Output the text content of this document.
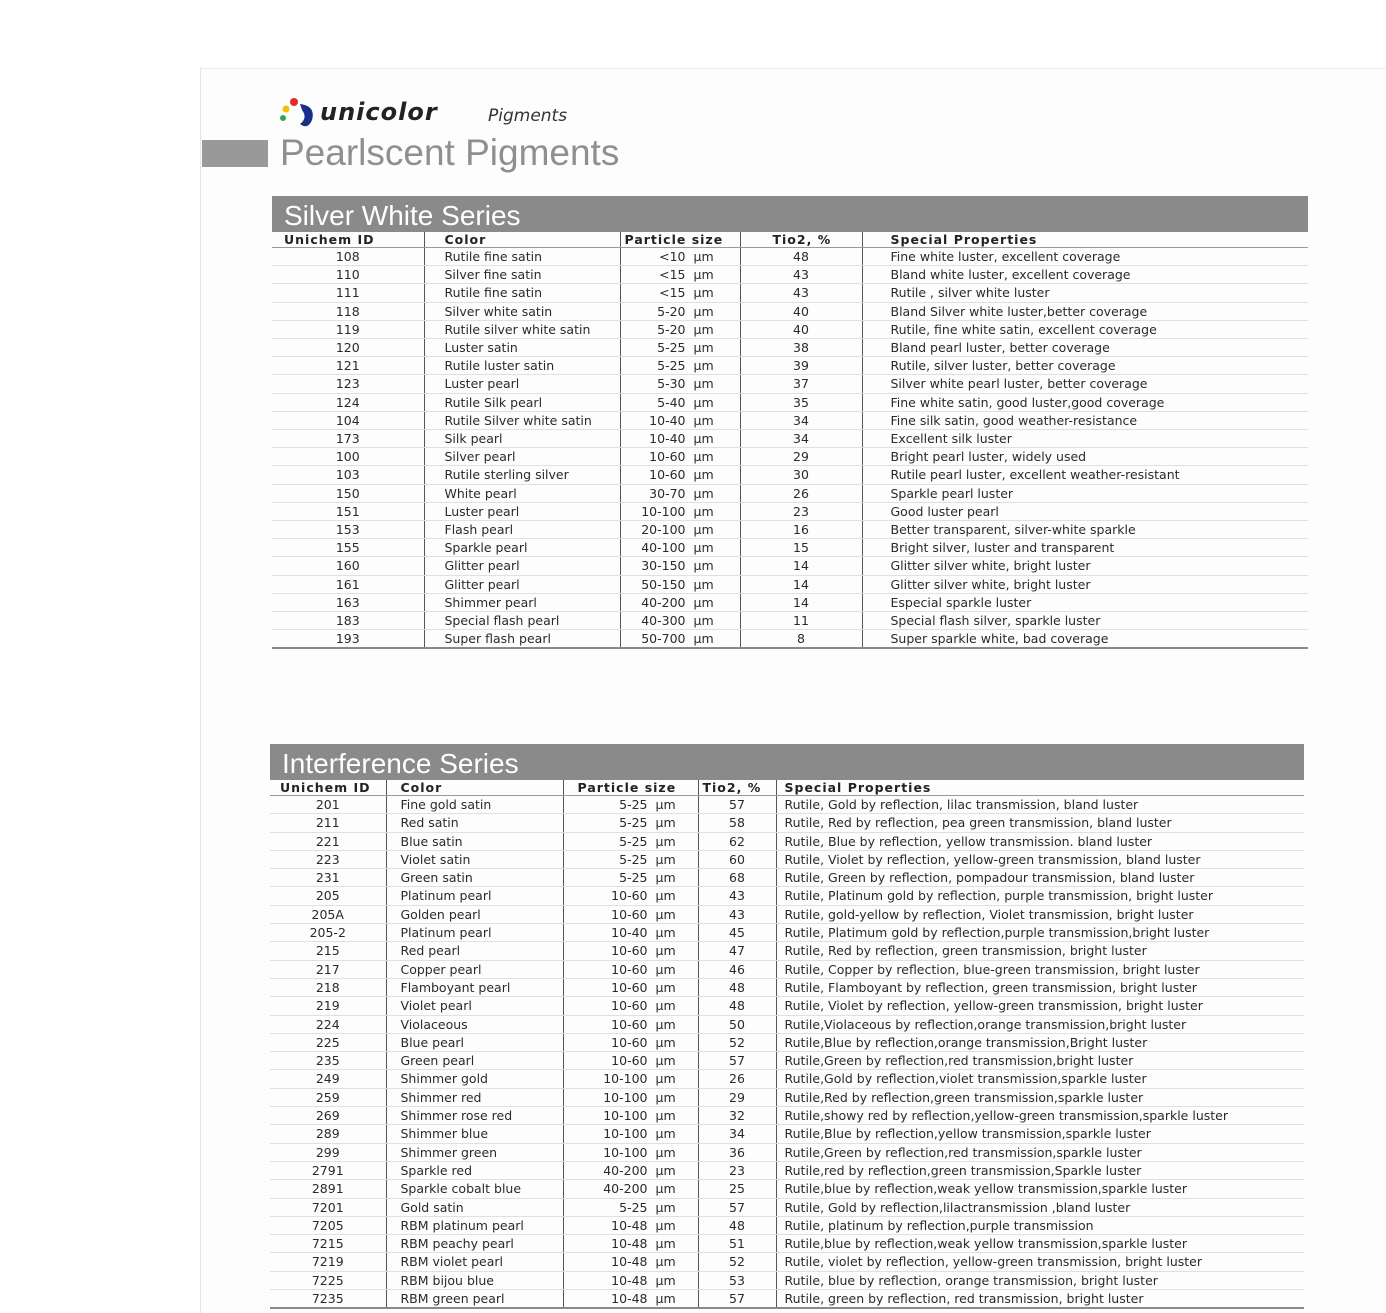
unicolor	Pigments
Pearlscent Pigments
Silver White Series
Unichem ID	Color	Particle size	Tio2, %	Special Properties
108	Rutile fine satin	<10 μm	48	Fine white luster, excellent coverage
110	Silver fine satin	<15 μm	43	Bland white luster, excellent coverage
111	Rutile fine satin	<15 μm	43	Rutile , silver white luster
118	Silver white satin	5-20 μm	40	Bland Silver white luster,better coverage
119	Rutile silver white satin	5-20 μm	40	Rutile, fine white satin, excellent coverage
120	Luster satin	5-25 μm	38	Bland pearl luster, better coverage
121	Rutile luster satin	5-25 μm	39	Rutile, silver luster, better coverage
123	Luster pearl	5-30 μm	37	Silver white pearl luster, better coverage
124	Rutile Silk pearl	5-40 μm	35	Fine white satin, good luster,good coverage
104	Rutile Silver white satin	10-40 μm	34	Fine silk satin, good weather-resistance
173	Silk pearl	10-40 μm	34	Excellent silk luster
100	Silver pearl	10-60 μm	29	Bright pearl luster, widely used
103	Rutile sterling silver	10-60 μm	30	Rutile pearl luster, excellent weather-resistant
150	White pearl	30-70 μm	26	Sparkle pearl luster
151	Luster pearl	10-100 μm	23	Good luster pearl
153	Flash pearl	20-100 μm	16	Better transparent, silver-white sparkle
155	Sparkle pearl	40-100 μm	15	Bright silver, luster and transparent
160	Glitter pearl	30-150 μm	14	Glitter silver white, bright luster
161	Glitter pearl	50-150 μm	14	Glitter silver white, bright luster
163	Shimmer pearl	40-200 μm	14	Especial sparkle luster
183	Special flash pearl	40-300 μm	11	Special flash silver, sparkle luster
193	Super flash pearl	50-700 μm	8	Super sparkle white, bad coverage
Interference Series
Unichem ID	Color	Particle size	Tio2, %	Special Properties
201	Fine gold satin	5-25 μm	57	Rutile, Gold by reflection, lilac transmission, bland luster
211	Red satin	5-25 μm	58	Rutile, Red by reflection, pea green transmission, bland luster
221	Blue satin	5-25 μm	62	Rutile, Blue by reflection, yellow transmission. bland luster
223	Violet satin	5-25 μm	60	Rutile, Violet by reflection, yellow-green transmission, bland luster
231	Green satin	5-25 μm	68	Rutile, Green by reflection, pompadour transmission, bland luster
205	Platinum pearl	10-60 μm	43	Rutile, Platinum gold by reflection, purple transmission, bright luster
205A	Golden pearl	10-60 μm	43	Rutile, gold-yellow by reflection, Violet transmission, bright luster
205-2	Platinum pearl	10-40 μm	45	Rutile, Platimum gold by reflection,purple transmission,bright luster
215	Red pearl	10-60 μm	47	Rutile, Red by reflection, green transmission, bright luster
217	Copper pearl	10-60 μm	46	Rutile, Copper by reflection, blue-green transmission, bright luster
218	Flamboyant pearl	10-60 μm	48	Rutile, Flamboyant by reflection, green transmission, bright luster
219	Violet pearl	10-60 μm	48	Rutile, Violet by reflection, yellow-green transmission, bright luster
224	Violaceous	10-60 μm	50	Rutile,Violaceous by reflection,orange transmission,bright luster
225	Blue pearl	10-60 μm	52	Rutile,Blue by reflection,orange transmission,Bright luster
235	Green pearl	10-60 μm	57	Rutile,Green by reflection,red transmission,bright luster
249	Shimmer gold	10-100 μm	26	Rutile,Gold by reflection,violet transmission,sparkle luster
259	Shimmer red	10-100 μm	29	Rutile,Red by reflection,green transmission,sparkle luster
269	Shimmer rose red	10-100 μm	32	Rutile,showy red by reflection,yellow-green transmission,sparkle luster
289	Shimmer blue	10-100 μm	34	Rutile,Blue by reflection,yellow transmission,sparkle luster
299	Shimmer green	10-100 μm	36	Rutile,Green by reflection,red transmission,sparkle luster
2791	Sparkle red	40-200 μm	23	Rutile,red by reflection,green transmission,Sparkle luster
2891	Sparkle cobalt blue	40-200 μm	25	Rutile,blue by reflection,weak yellow transmission,sparkle luster
7201	Gold satin	5-25 μm	57	Rutile, Gold by reflection,lilactransmission ,bland luster
7205	RBM platinum pearl	10-48 μm	48	Rutile, platinum by reflection,purple transmission
7215	RBM peachy pearl	10-48 μm	51	Rutile,blue by reflection,weak yellow transmission,sparkle luster
7219	RBM violet pearl	10-48 μm	52	Rutile, violet by reflection, yellow-green transmission, bright luster
7225	RBM bijou blue	10-48 μm	53	Rutile, blue by reflection, orange transmission, bright luster
7235	RBM green pearl	10-48 μm	57	Rutile, green by reflection, red transmission, bright luster
